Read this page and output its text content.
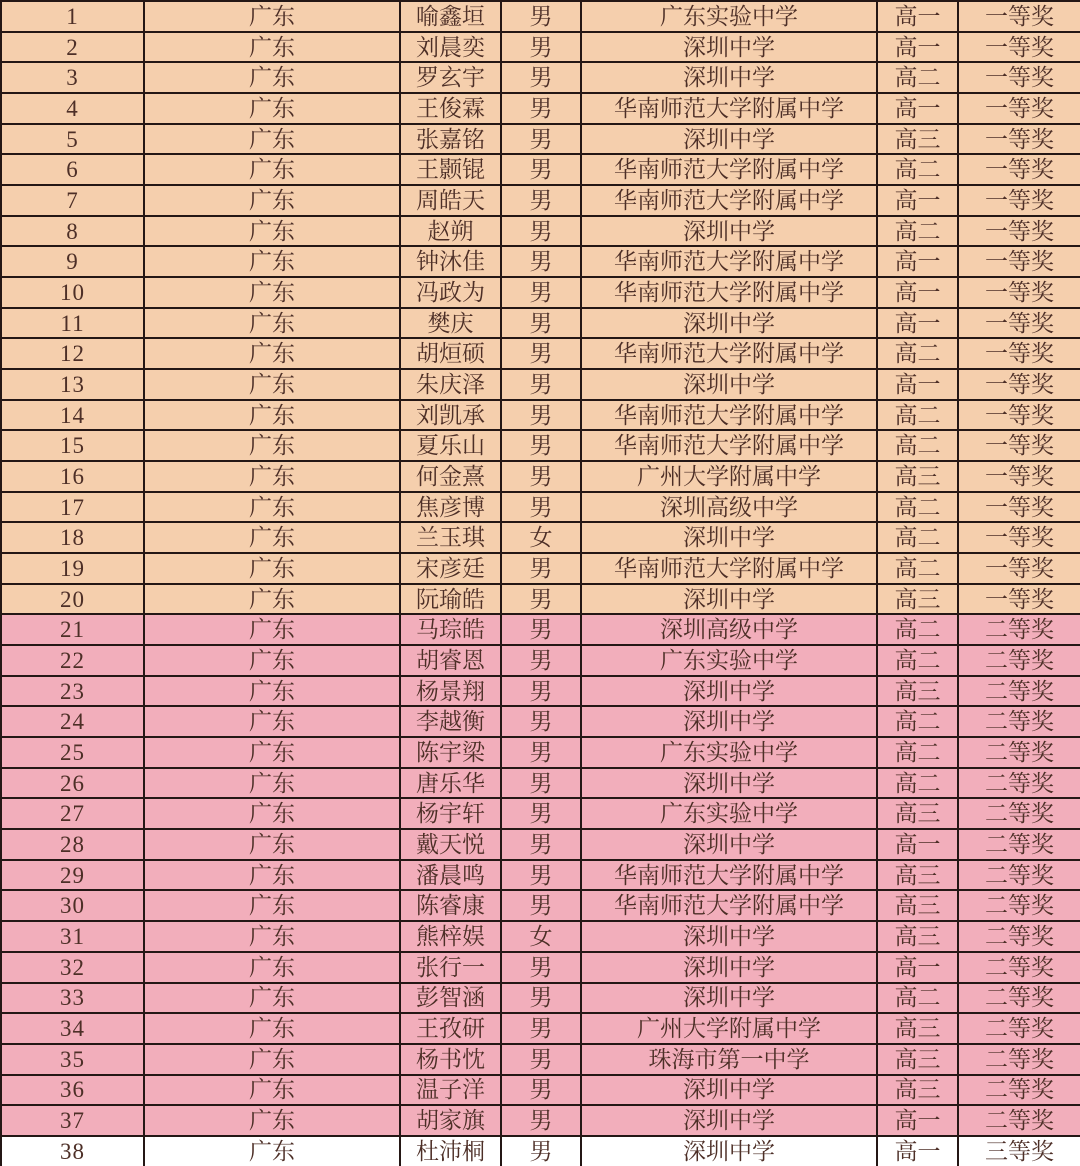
1	广东	喻鑫垣	男	广东实验中学	高一	一等奖
2	广东	刘晨奕	男	深圳中学	高一	一等奖
3	广东	罗玄宇	男	深圳中学	高二	一等奖
4	广东	王俊霖	男	华南师范大学附属中学	高一	一等奖
5	广东	张嘉铭	男	深圳中学	高三	一等奖
6	广东	王颢锟	男	华南师范大学附属中学	高二	一等奖
7	广东	周皓天	男	华南师范大学附属中学	高一	一等奖
8	广东	赵朔	男	深圳中学	高二	一等奖
9	广东	钟沐佳	男	华南师范大学附属中学	高一	一等奖
10	广东	冯政为	男	华南师范大学附属中学	高一	一等奖
11	广东	樊庆	男	深圳中学	高一	一等奖
12	广东	胡烜硕	男	华南师范大学附属中学	高二	一等奖
13	广东	朱庆泽	男	深圳中学	高一	一等奖
14	广东	刘凯承	男	华南师范大学附属中学	高二	一等奖
15	广东	夏乐山	男	华南师范大学附属中学	高二	一等奖
16	广东	何金熹	男	广州大学附属中学	高三	一等奖
17	广东	焦彦博	男	深圳高级中学	高二	一等奖
18	广东	兰玉琪	女	深圳中学	高二	一等奖
19	广东	宋彦廷	男	华南师范大学附属中学	高二	一等奖
20	广东	阮瑜皓	男	深圳中学	高三	一等奖
21	广东	马琮皓	男	深圳高级中学	高二	二等奖
22	广东	胡睿恩	男	广东实验中学	高二	二等奖
23	广东	杨景翔	男	深圳中学	高三	二等奖
24	广东	李越衡	男	深圳中学	高二	二等奖
25	广东	陈宇梁	男	广东实验中学	高二	二等奖
26	广东	唐乐华	男	深圳中学	高二	二等奖
27	广东	杨宇轩	男	广东实验中学	高三	二等奖
28	广东	戴天悦	男	深圳中学	高一	二等奖
29	广东	潘晨鸣	男	华南师范大学附属中学	高三	二等奖
30	广东	陈睿康	男	华南师范大学附属中学	高三	二等奖
31	广东	熊梓娱	女	深圳中学	高三	二等奖
32	广东	张行一	男	深圳中学	高一	二等奖
33	广东	彭智涵	男	深圳中学	高二	二等奖
34	广东	王孜研	男	广州大学附属中学	高三	二等奖
35	广东	杨书忱	男	珠海市第一中学	高三	二等奖
36	广东	温子洋	男	深圳中学	高三	二等奖
37	广东	胡家旗	男	深圳中学	高一	二等奖
38	广东	杜沛桐	男	深圳中学	高一	三等奖
